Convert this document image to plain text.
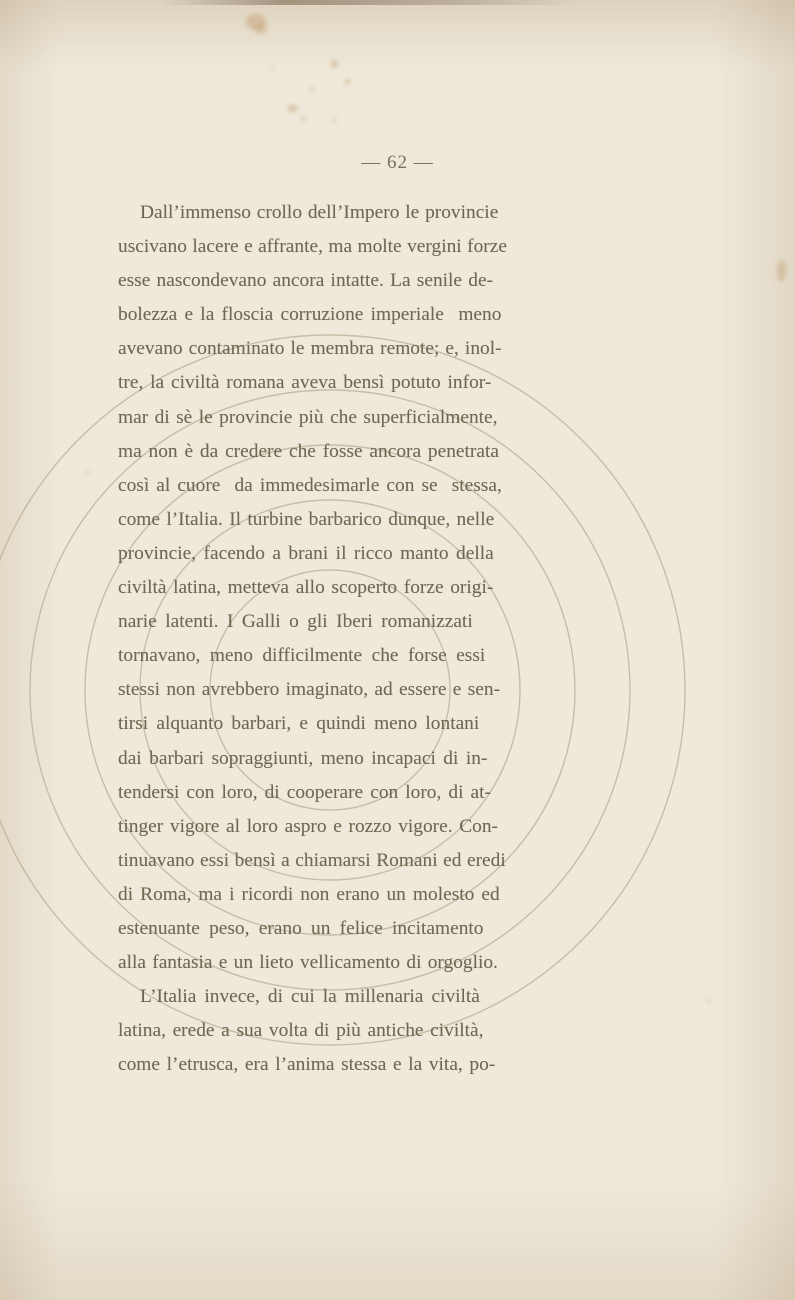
— 62 —
Dall’immenso crollo dell’Impero le provincie
uscivano lacere e affrante, ma molte vergini forze
esse nascondevano ancora intatte. La senile de-
bolezza e la floscia corruzione imperiale  meno
avevano contaminato le membra remote; e, inol-
tre, la civiltà romana aveva bensì potuto infor-
mar di sè le provincie più che superficialmente,
ma non è da credere che fosse ancora penetrata
così al cuore  da immedesimarle con se  stessa,
come l’Italia. Il turbine barbarico dunque, nelle
provincie, facendo a brani il ricco manto della
civiltà latina, metteva allo scoperto forze origi-
narie latenti. I Galli o gli Iberi romanizzati
tornavano, meno difficilmente che forse essi
stessi non avrebbero imaginato, ad essere e sen-
tirsi alquanto barbari, e quindi meno lontani
dai barbari sopraggiunti, meno incapaci di in-
tendersi con loro, di cooperare con loro, di at-
tinger vigore al loro aspro e rozzo vigore. Con-
tinuavano essi bensì a chiamarsi Romani ed eredi
di Roma, ma i ricordi non erano un molesto ed
estenuante peso, erano un felice incitamento
alla fantasia e un lieto vellicamento di orgoglio.
L’Italia invece, di cui la millenaria civiltà
latina, erede a sua volta di più antiche civiltà,
come l’etrusca, era l’anima stessa e la vita, po-
